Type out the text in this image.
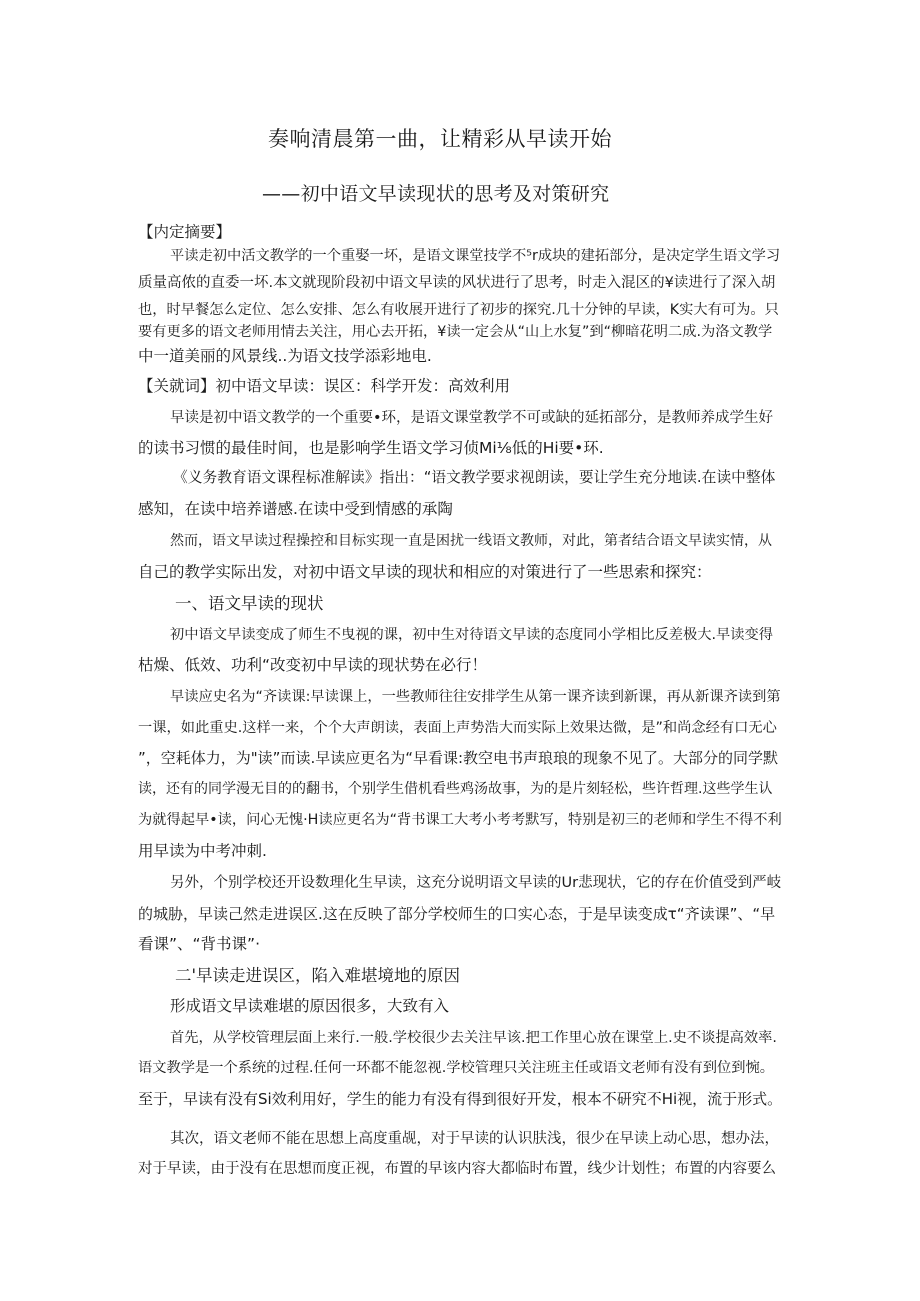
奏响清晨第一曲，让精彩从早读开始
——初中语文早读现状的思考及对策研究
【内定摘要】
平读走初中活文教学的一个重娶一坏，是语文课堂技学不⁵r成块的建拓部分，是决定学生语文学习
质量高侬的直委一坏.本文就现阶段初中语文早读的风状进行了思考，时走入混区的¥读进行了深入胡
也，时早餐怎么定位、怎么安排、怎么有收展开进行了初步的探究.几十分钟的早读，K实大有可为。只
要有更多的语文老师用情去关注，用心去开拓，¥读一定会从“山上水复”到“柳暗花明二成.为洛文教学
中一道美丽的风景线..为语文技学添彩地电.
【关就词】初中语文早读：误区：科学开发：高效利用
早读是初中语文教学的一个重要•环，是语文课堂教学不可或缺的延拓部分，是教师养成学生好
的读书习惯的最佳时间，也是影响学生语文学习侦Mi⅛低的Hi要•环.
《义务教育语文课程标准解读》指出：“语文教学要求视朗读，要让学生充分地读.在读中整体
感知，在读中培养谱感.在读中受到情感的承陶
然而，语文早读过程操控和目标实现一直是困扰一线语文教师，对此，第者结合语文早读实情，从
自己的教学实际出发，对初中语文早读的现状和相应的对策进行了一些思索和探究：
一、语文早读的现状
初中语文早读变成了师生不曳视的课，初中生对待语文早读的态度同小学相比反差极大.早读变得
枯燥、低效、功利“改变初中早读的现状势在必行！
早读应史名为“齐读课:早读课上，一些教师往往安排学生从第一课齐读到新课，再从新课齐读到第
一课，如此重史.这样一来，个个大声朗读，表面上声势浩大而实际上效果达微，是”和尚念经有口无心
”，空耗体力，为"读”而读.早读应更名为“早看课:教空电书声琅琅的现象不见了。大部分的同学默
读，还有的同学漫无目的的翻书，个别学生借机看些鸡汤故事，为的是片刻轻松，些许哲理.这些学生认
为就得起早•读，问心无愧·H读应更名为“背书课工大考小考考默写，特别是初三的老师和学生不得不利
用早读为中考冲刺.
另外，个别学校还开设数理化生早读，这充分说明语文早读的Ur悲现状，它的存在价值受到严岐
的城胁，早读己然走进误区.这在反映了部分学校师生的口实心态，于是早读变成τ“齐读课”、“早
看课”、“背书课”·
二'早读走进误区，陷入难堪境地的原因
形成语文早读难堪的原因很多，大致有入
首先，从学校管理层面上来行.一般.学校很少去关注早该.把工作里心放在课堂上.史不谈提高效率.
语文教学是一个系统的过程.任何一环都不能忽视.学校管理只关注班主任或语文老师有没有到位到惋。
至于，早读有没有Si效利用好，学生的能力有没有得到很好开发，根本不研究不Hi视，流于形式。
其次，语文老师不能在思想上高度重觇，对于早读的认识肤浅，很少在早读上动心思，想办法，
对于早读，由于没有在思想而度正视，布置的早该内容大都临时布置，线少计划性；布置的内容要么
